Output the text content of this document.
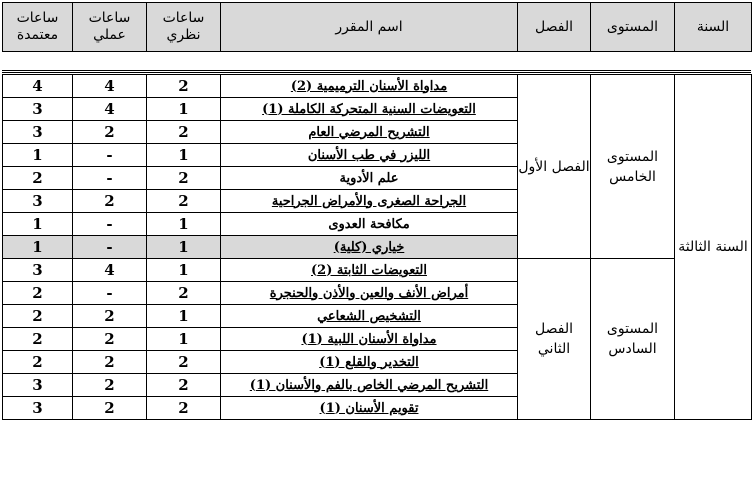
ساعات معتمدة	ساعات عملي	ساعات نظري	اسم المقرر	الفصل	المستوى	السنة
4	4	2	مداواة الأسنان الترميمية (2)	الفصل الأول	المستوى الخامس	السنة الثالثة
3	4	1	التعويضات السنية المتحركة الكاملة (1)			
3	2	2	التشريح المرضي العام			
1	-	1	الليزر في طب الأسنان			
2	-	2	علم الأدوية			
3	2	2	الجراحة الصغرى والأمراض الجراحية			
1	-	1	مكافحة العدوى			
1	-	1	خياري (كلية)			
3	4	1	التعويضات الثابتة (2)	الفصل الثاني	المستوى السادس	
2	-	2	أمراض الأنف والعين والأذن والحنجرة			
2	2	1	التشخيص الشعاعي			
2	2	1	مداواة الأسنان اللبية (1)			
2	2	2	التخدير والقلع (1)			
3	2	2	التشريح المرضي الخاص بالفم والأسنان (1)			
3	2	2	تقويم الأسنان (1)			
